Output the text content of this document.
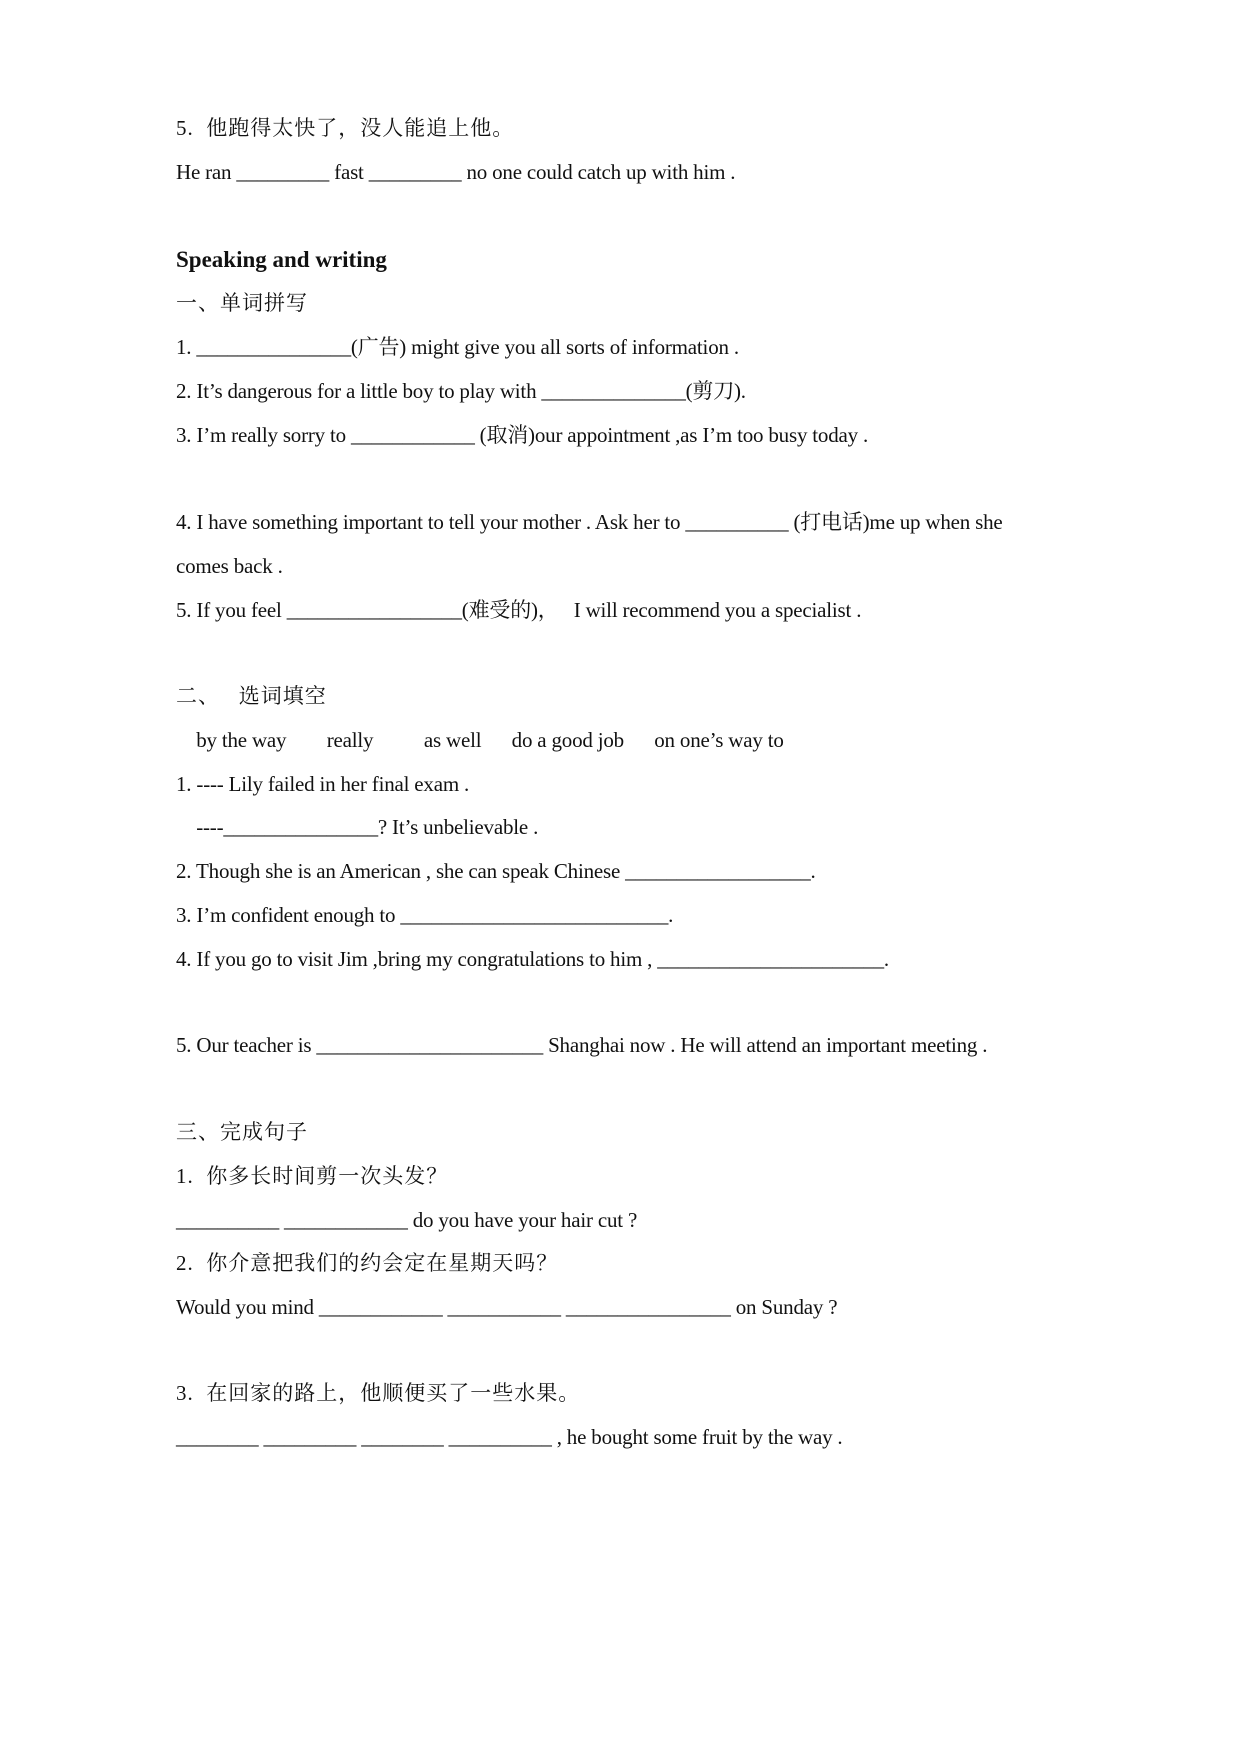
5.  他跑得太快了，没人能追上他。
He ran _________ fast _________ no one could catch up with him .
Speaking and writing
一、单词拼写
1. _______________(广告) might give you all sorts of information .
2. It’s dangerous for a little boy to play with ______________(剪刀).
3. I’m really sorry to ____________ (取消)our appointment ,as I’m too busy today .
4. I have something important to tell your mother . Ask her to __________ (打电话)me up when she
comes back .
5. If you feel _________________(难受的)，   I will recommend you a specialist .
二、   选词填空
by the way        really          as well      do a good job      on one’s way to
1. ---- Lily failed in her final exam .
----_______________? It’s unbelievable .
2. Though she is an American , she can speak Chinese __________________.
3. I’m confident enough to __________________________.
4. If you go to visit Jim ,bring my congratulations to him , ______________________.
5. Our teacher is ______________________ Shanghai now . He will attend an important meeting .
三、完成句子
1.  你多长时间剪一次头发？
__________ ____________ do you have your hair cut ?
2.  你介意把我们的约会定在星期天吗？
Would you mind ____________ ___________ ________________ on Sunday ?
3.  在回家的路上，他顺便买了一些水果。
________ _________ ________ __________ , he bought some fruit by the way .
